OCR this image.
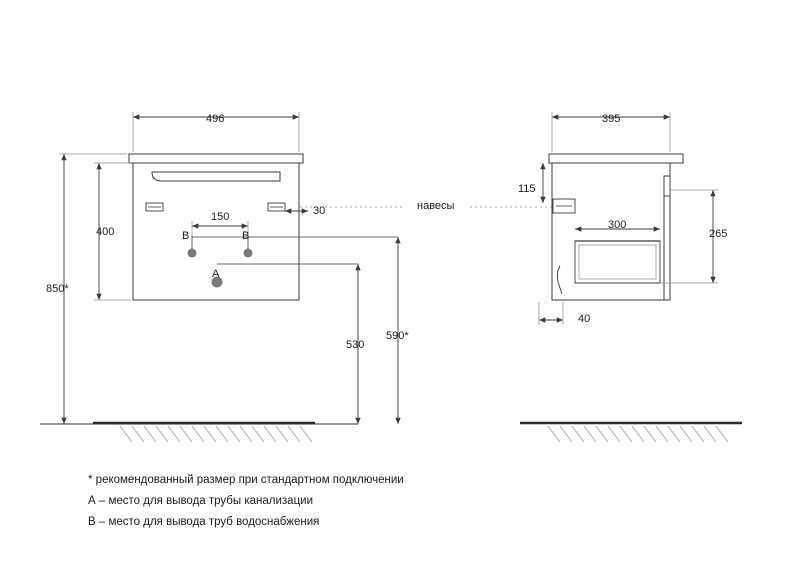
496
400
850*
150	30
B	B
A
530
590*
навесы
395
115
300
265
40
* рекомендованный размер при стандартном подключении
А – место для вывода трубы канализации
В – место для вывода труб водоснабжения
